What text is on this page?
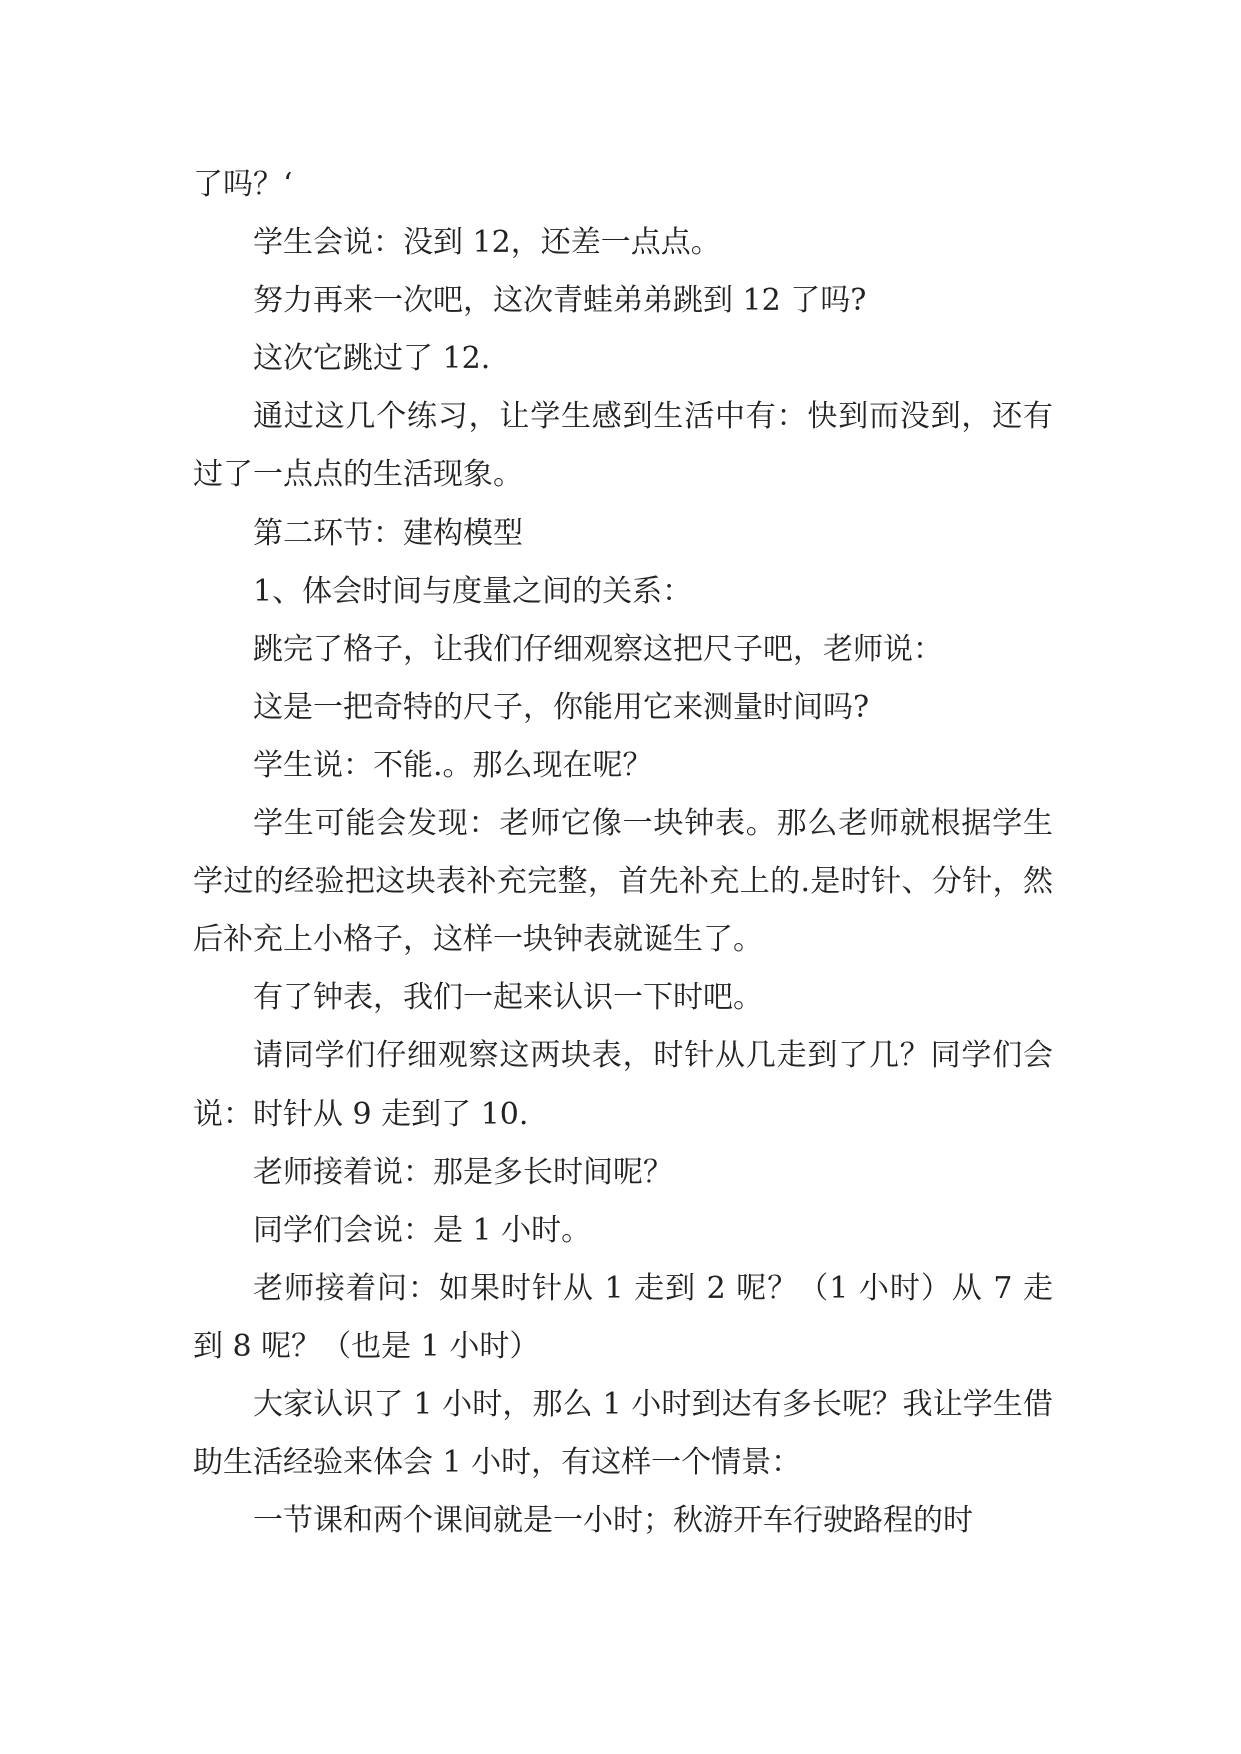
了吗？‘

学生会说：没到 12，还差一点点。

努力再来一次吧，这次青蛙弟弟跳到 12 了吗?

这次它跳过了 12.

通过这几个练习，让学生感到生活中有：快到而没到，还有过了一点点的生活现象。

第二环节：建构模型

1、体会时间与度量之间的关系：

跳完了格子，让我们仔细观察这把尺子吧，老师说：

这是一把奇特的尺子，你能用它来测量时间吗?

学生说：不能.。那么现在呢？

学生可能会发现：老师它像一块钟表。那么老师就根据学生学过的经验把这块表补充完整，首先补充上的.是时针、分针，然后补充上小格子，这样一块钟表就诞生了。

有了钟表，我们一起来认识一下时吧。

请同学们仔细观察这两块表，时针从几走到了几？同学们会说：时针从 9 走到了 10.

老师接着说：那是多长时间呢？

同学们会说：是 1 小时。

老师接着问：如果时针从 1 走到 2 呢？（1 小时）从 7 走到 8 呢？（也是 1 小时）

大家认识了 1 小时，那么 1 小时到达有多长呢？我让学生借助生活经验来体会 1 小时，有这样一个情景：

一节课和两个课间就是一小时；秋游开车行驶路程的时
